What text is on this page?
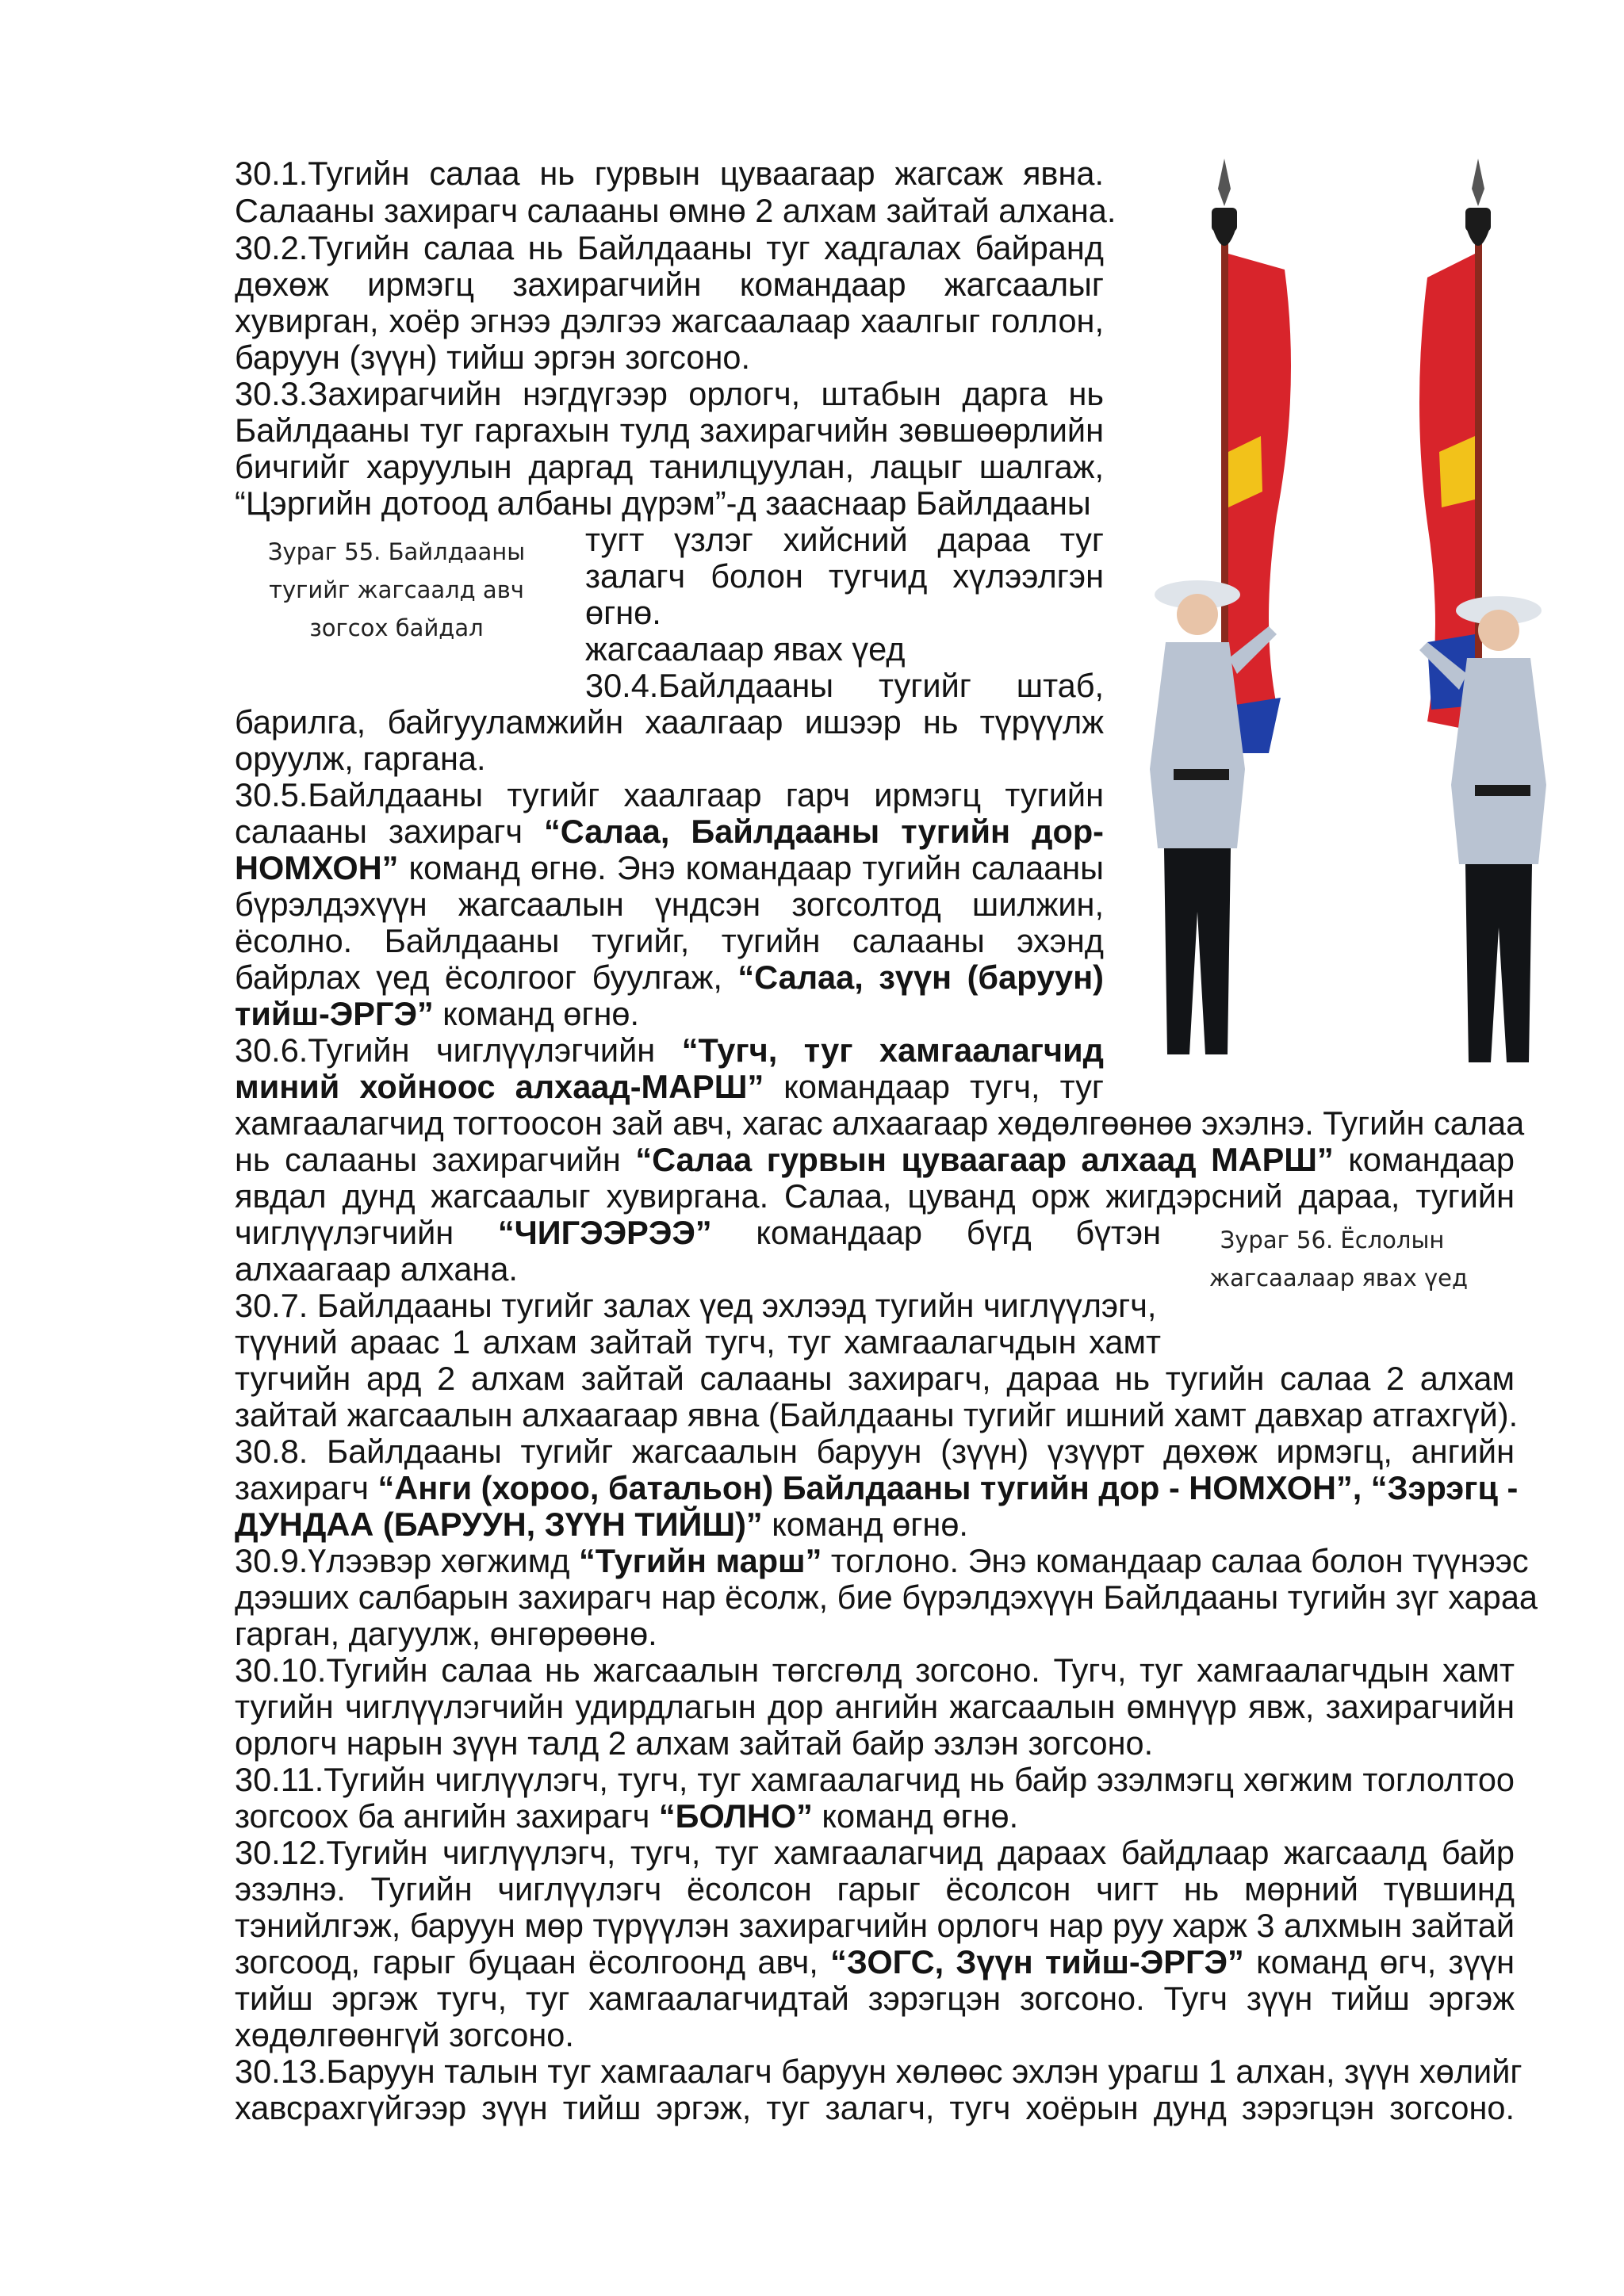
30.1.Тугийн салаа нь гурвын цуваагаар жагсаж явна.
Салааны захирагч салааны өмнө 2 алхам зайтай алхана.
30.2.Тугийн салаа нь Байлдааны туг хадгалах байранд
дөхөж ирмэгц захирагчийн командаар жагсаалыг
хувирган, хоёр эгнээ дэлгээ жагсаалаар хаалгыг голлон,
баруун (зүүн) тийш эргэн зогсоно.
30.3.Захирагчийн нэгдүгээр орлогч, штабын дарга нь
Байлдааны туг гаргахын тулд захирагчийн зөвшөөрлийн
бичгийг харуулын даргад танилцуулан, лацыг шалгаж,
“Цэргийн дотоод албаны дүрэм”-д зааснаар Байлдааны
тугт үзлэг хийсний дараа туг
залагч болон тугчид хүлээлгэн
өгнө.
Зураг 55. Байлдааны
тугийг жагсаалд авч
зогсох байдал
жагсаалаар явах үед
30.4.Байлдааны тугийг штаб,
барилга, байгууламжийн хаалгаар ишээр нь түрүүлж
оруулж, гаргана.
30.5.Байлдааны тугийг хаалгаар гарч ирмэгц тугийн
салааны захирагч “Салаа, Байлдааны тугийн дор-
НОМХОН” команд өгнө. Энэ командаар тугийн салааны
бүрэлдэхүүн жагсаалын үндсэн зогсолтод шилжин,
ёсолно. Байлдааны тугийг, тугийн салааны эхэнд
байрлах үед ёсолгоог буулгаж, “Салаа, зүүн (баруун)
тийш-ЭРГЭ” команд өгнө.
30.6.Тугийн чиглүүлэгчийн “Тугч, туг хамгаалагчид
миний хойноос алхаад-МАРШ” командаар тугч, туг
хамгаалагчид тогтоосон зай авч, хагас алхаагаар хөдөлгөөнөө эхэлнэ. Тугийн салаа
нь салааны захирагчийн “Салаа гурвын цуваагаар алхаад МАРШ” командаар
явдал дунд жагсаалыг хувиргана. Салаа, цуванд орж жигдэрсний дараа, тугийн
чиглүүлэгчийн “ЧИГЭЭРЭЭ” командаар бүгд бүтэн
алхаагаар алхана.
Зураг 56. Ёслолын
жагсаалаар явах үед
30.7. Байлдааны тугийг залах үед эхлээд тугийн чиглүүлэгч,
түүний араас 1 алхам зайтай тугч, туг хамгаалагчдын хамт
тугчийн ард 2 алхам зайтай салааны захирагч, дараа нь тугийн салаа 2 алхам
зайтай жагсаалын алхаагаар явна (Байлдааны тугийг ишний хамт давхар атгахгүй).
30.8. Байлдааны тугийг жагсаалын баруун (зүүн) үзүүрт дөхөж ирмэгц, ангийн
захирагч “Анги (хороо, батальон) Байлдааны тугийн дор - НОМХОН”, “Зэрэгц -
ДУНДАА (БАРУУН, ЗҮҮН ТИЙШ)” команд өгнө.
30.9.Үлээвэр хөгжимд “Тугийн марш” тоглоно. Энэ командаар салаа болон түүнээс
дээших салбарын захирагч нар ёсолж, бие бүрэлдэхүүн Байлдааны тугийн зүг харaa
гарган, дагуулж, өнгөрөөнө.
30.10.Тугийн салаа нь жагсаалын төгсгөлд зогсоно. Тугч, туг хамгаалагчдын хамт
тугийн чиглүүлэгчийн удирдлагын дор ангийн жагсаалын өмнүүр явж, захирагчийн
орлогч нарын зүүн талд 2 алхам зайтай байр эзлэн зогсоно.
30.11.Тугийн чиглүүлэгч, тугч, туг хамгаалагчид нь байр эзэлмэгц хөгжим тоглолтоо
зогсоох ба ангийн захирагч “БОЛНО” команд өгнө.
30.12.Тугийн чиглүүлэгч, тугч, туг хамгаалагчид дараах байдлаар жагсаалд байр
эзэлнэ. Тугийн чиглүүлэгч ёсолсон гарыг ёсолсон чигт нь мөрний түвшинд
тэнийлгэж, баруун мөр түрүүлэн захирагчийн орлогч нар руу харж 3 алхмын зайтай
зогсоод, гарыг буцаан ёсолгоонд авч, “ЗОГС, Зүүн тийш-ЭРГЭ” команд өгч, зүүн
тийш эргэж тугч, туг хамгаалагчидтай зэрэгцэн зогсоно. Тугч зүүн тийш эргэж
хөдөлгөөнгүй зогсоно.
30.13.Баруун талын туг хамгаалагч баруун хөлөөс эхлэн урагш 1 алхан, зүүн хөлийг
хавсрахгүйгээр зүүн тийш эргэж, туг залагч, тугч хоёрын дунд зэрэгцэн зогсоно.
